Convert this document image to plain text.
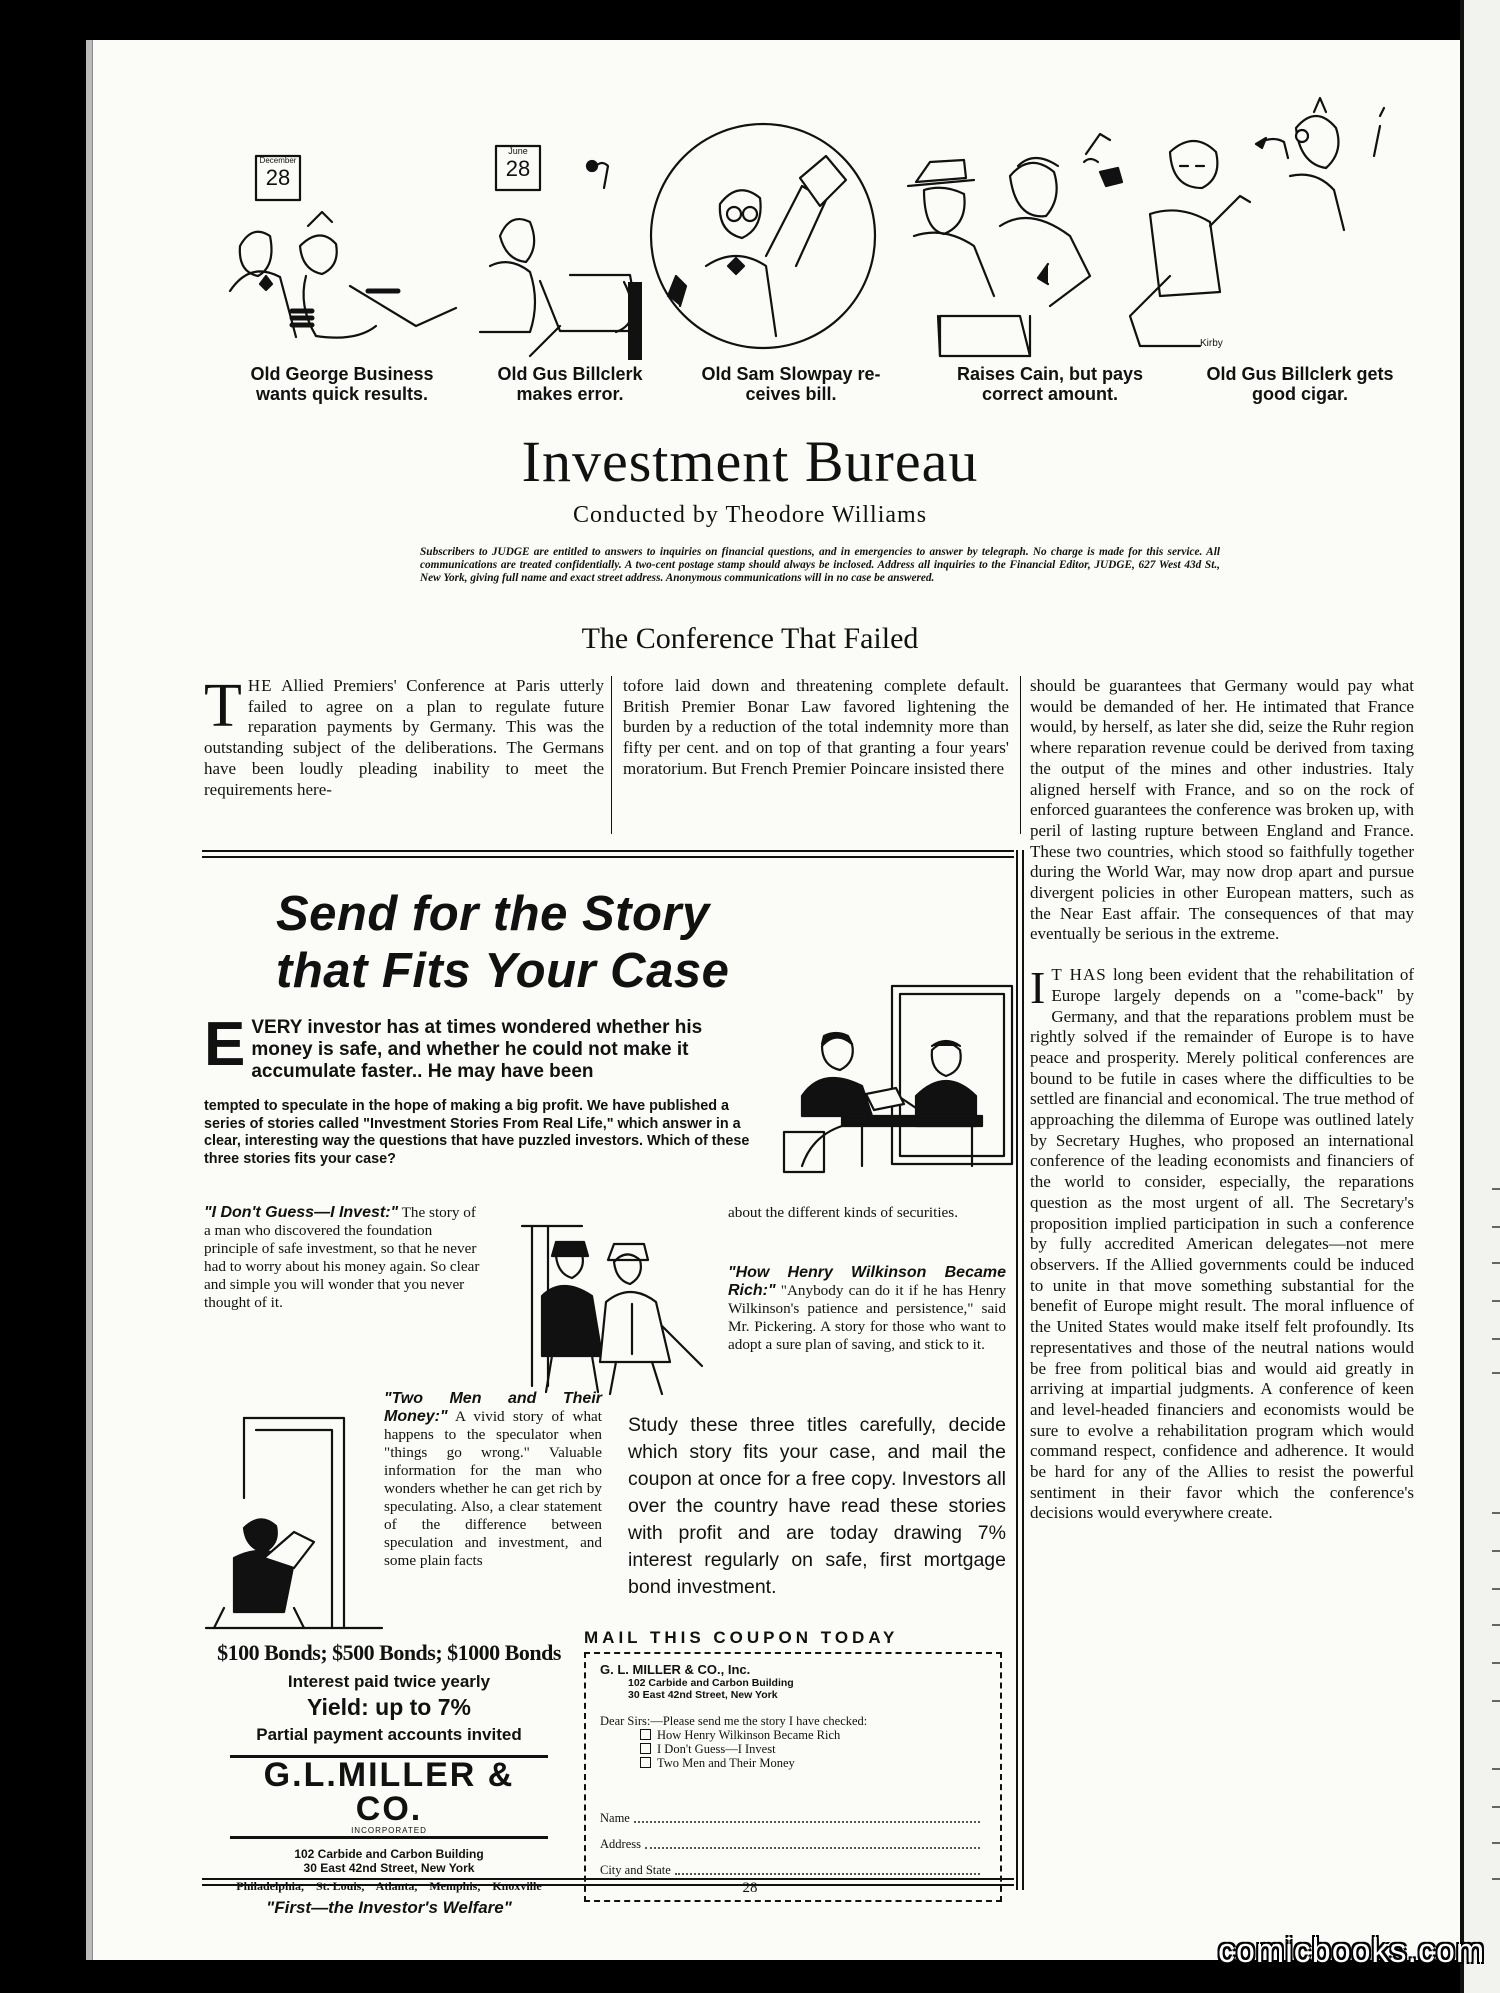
Kirby
December
28
June
28
Old George Business
wants quick results.
Old Gus Billclerk
makes error.
Old Sam Slowpay re-
ceives bill.
Raises Cain, but pays
correct amount.
Old Gus Billclerk gets
good cigar.
Investment Bureau
Conducted by Theodore Williams
Subscribers to JUDGE are entitled to answers to inquiries on financial questions, and in emergencies to answer by telegraph. No charge is made for this service. All communications are treated confidentially. A two-cent postage stamp should always be inclosed. Address all inquiries to the Financial Editor, JUDGE, 627 West 43d St., New York, giving full name and exact street address. Anonymous communications will in no case be answered.
The Conference That Failed
THE Allied Premiers' Conference at Paris utterly failed to agree on a plan to regulate future reparation payments by Germany. This was the outstanding subject of the deliberations. The Germans have been loudly pleading inability to meet the requirements here-
tofore laid down and threatening complete default. British Premier Bonar Law favored lightening the burden by a reduction of the total indemnity more than fifty per cent. and on top of that granting a four years' moratorium. But French Premier Poincare insisted there
should be guarantees that Germany would pay what would be demanded of her. He intimated that France would, by herself, as later she did, seize the Ruhr region where reparation revenue could be derived from taxing the output of the mines and other industries. Italy aligned herself with France, and so on the rock of enforced guarantees the conference was broken up, with peril of lasting rupture between England and France. These two countries, which stood so faithfully together during the World War, may now drop apart and pursue divergent policies in other European matters, such as the Near East affair. The consequences of that may eventually be serious in the extreme.
I T HAS long been evident that the rehabilitation of Europe largely depends on a "come-back" by Germany, and that the reparations problem must be rightly solved if the remainder of Europe is to have peace and prosperity. Merely political conferences are bound to be futile in cases where the difficulties to be settled are financial and economical. The true method of approaching the dilemma of Europe was outlined lately by Secretary Hughes, who proposed an international conference of the leading economists and financiers of the world to consider, especially, the reparations question as the most urgent of all. The Secretary's proposition implied participation in such a conference by fully accredited American delegates—not mere observers. If the Allied governments could be induced to unite in that move something substantial for the benefit of Europe might result. The moral influence of the United States would make itself felt profoundly. Its representatives and those of the neutral nations would be free from political bias and would aid greatly in arriving at impartial judgments. A conference of keen and level-headed financiers and economists would be sure to evolve a rehabilitation program which would command respect, confidence and adherence. It would be hard for any of the Allies to resist the powerful sentiment in their favor which the conference's decisions would everywhere create.
Send for the Story
that Fits Your Case
EVERY investor has at times wondered whether his money is safe, and whether he could not make it accumulate faster.. He may have been
tempted to speculate in the hope of making a big profit. We have published a series of stories called "Investment Stories From Real Life," which answer in a clear, interesting way the questions that have puzzled investors. Which of these three stories fits your case?
"I Don't Guess—I Invest:" The story of a man who discovered the foundation principle of safe investment, so that he never had to worry about his money again. So clear and simple you will wonder that you never thought of it.
about the different kinds of securities.
"How Henry Wilkinson Became Rich:" "Anybody can do it if he has Henry Wilkinson's patience and persistence," said Mr. Pickering. A story for those who want to adopt a sure plan of saving, and stick to it.
"Two Men and Their Money:" A vivid story of what happens to the speculator when "things go wrong." Valuable information for the man who wonders whether he can get rich by speculating. Also, a clear statement of the difference between speculation and investment, and some plain facts
Study these three titles carefully, decide which story fits your case, and mail the coupon at once for a free copy. Investors all over the country have read these stories with profit and are today drawing 7% interest regularly on safe, first mortgage bond investment.
$100 Bonds; $500 Bonds; $1000 Bonds
Interest paid twice yearly
Yield: up to 7%
Partial payment accounts invited
G.L.MILLER & CO.
INCORPORATED
102 Carbide and Carbon Building
30 East 42nd Street, New York
Philadelphia,    St. Louis,    Atlanta,    Memphis,    Knoxville
"First—the Investor's Welfare"
MAIL THIS COUPON TODAY
G. L. MILLER & CO., Inc.
102 Carbide and Carbon Building
30 East 42nd Street, New York
Dear Sirs:—Please send me the story I have checked:
How Henry Wilkinson Became Rich
I Don't Guess—I Invest
Two Men and Their Money
Name
Address
City and State
28
comicbooks.com
